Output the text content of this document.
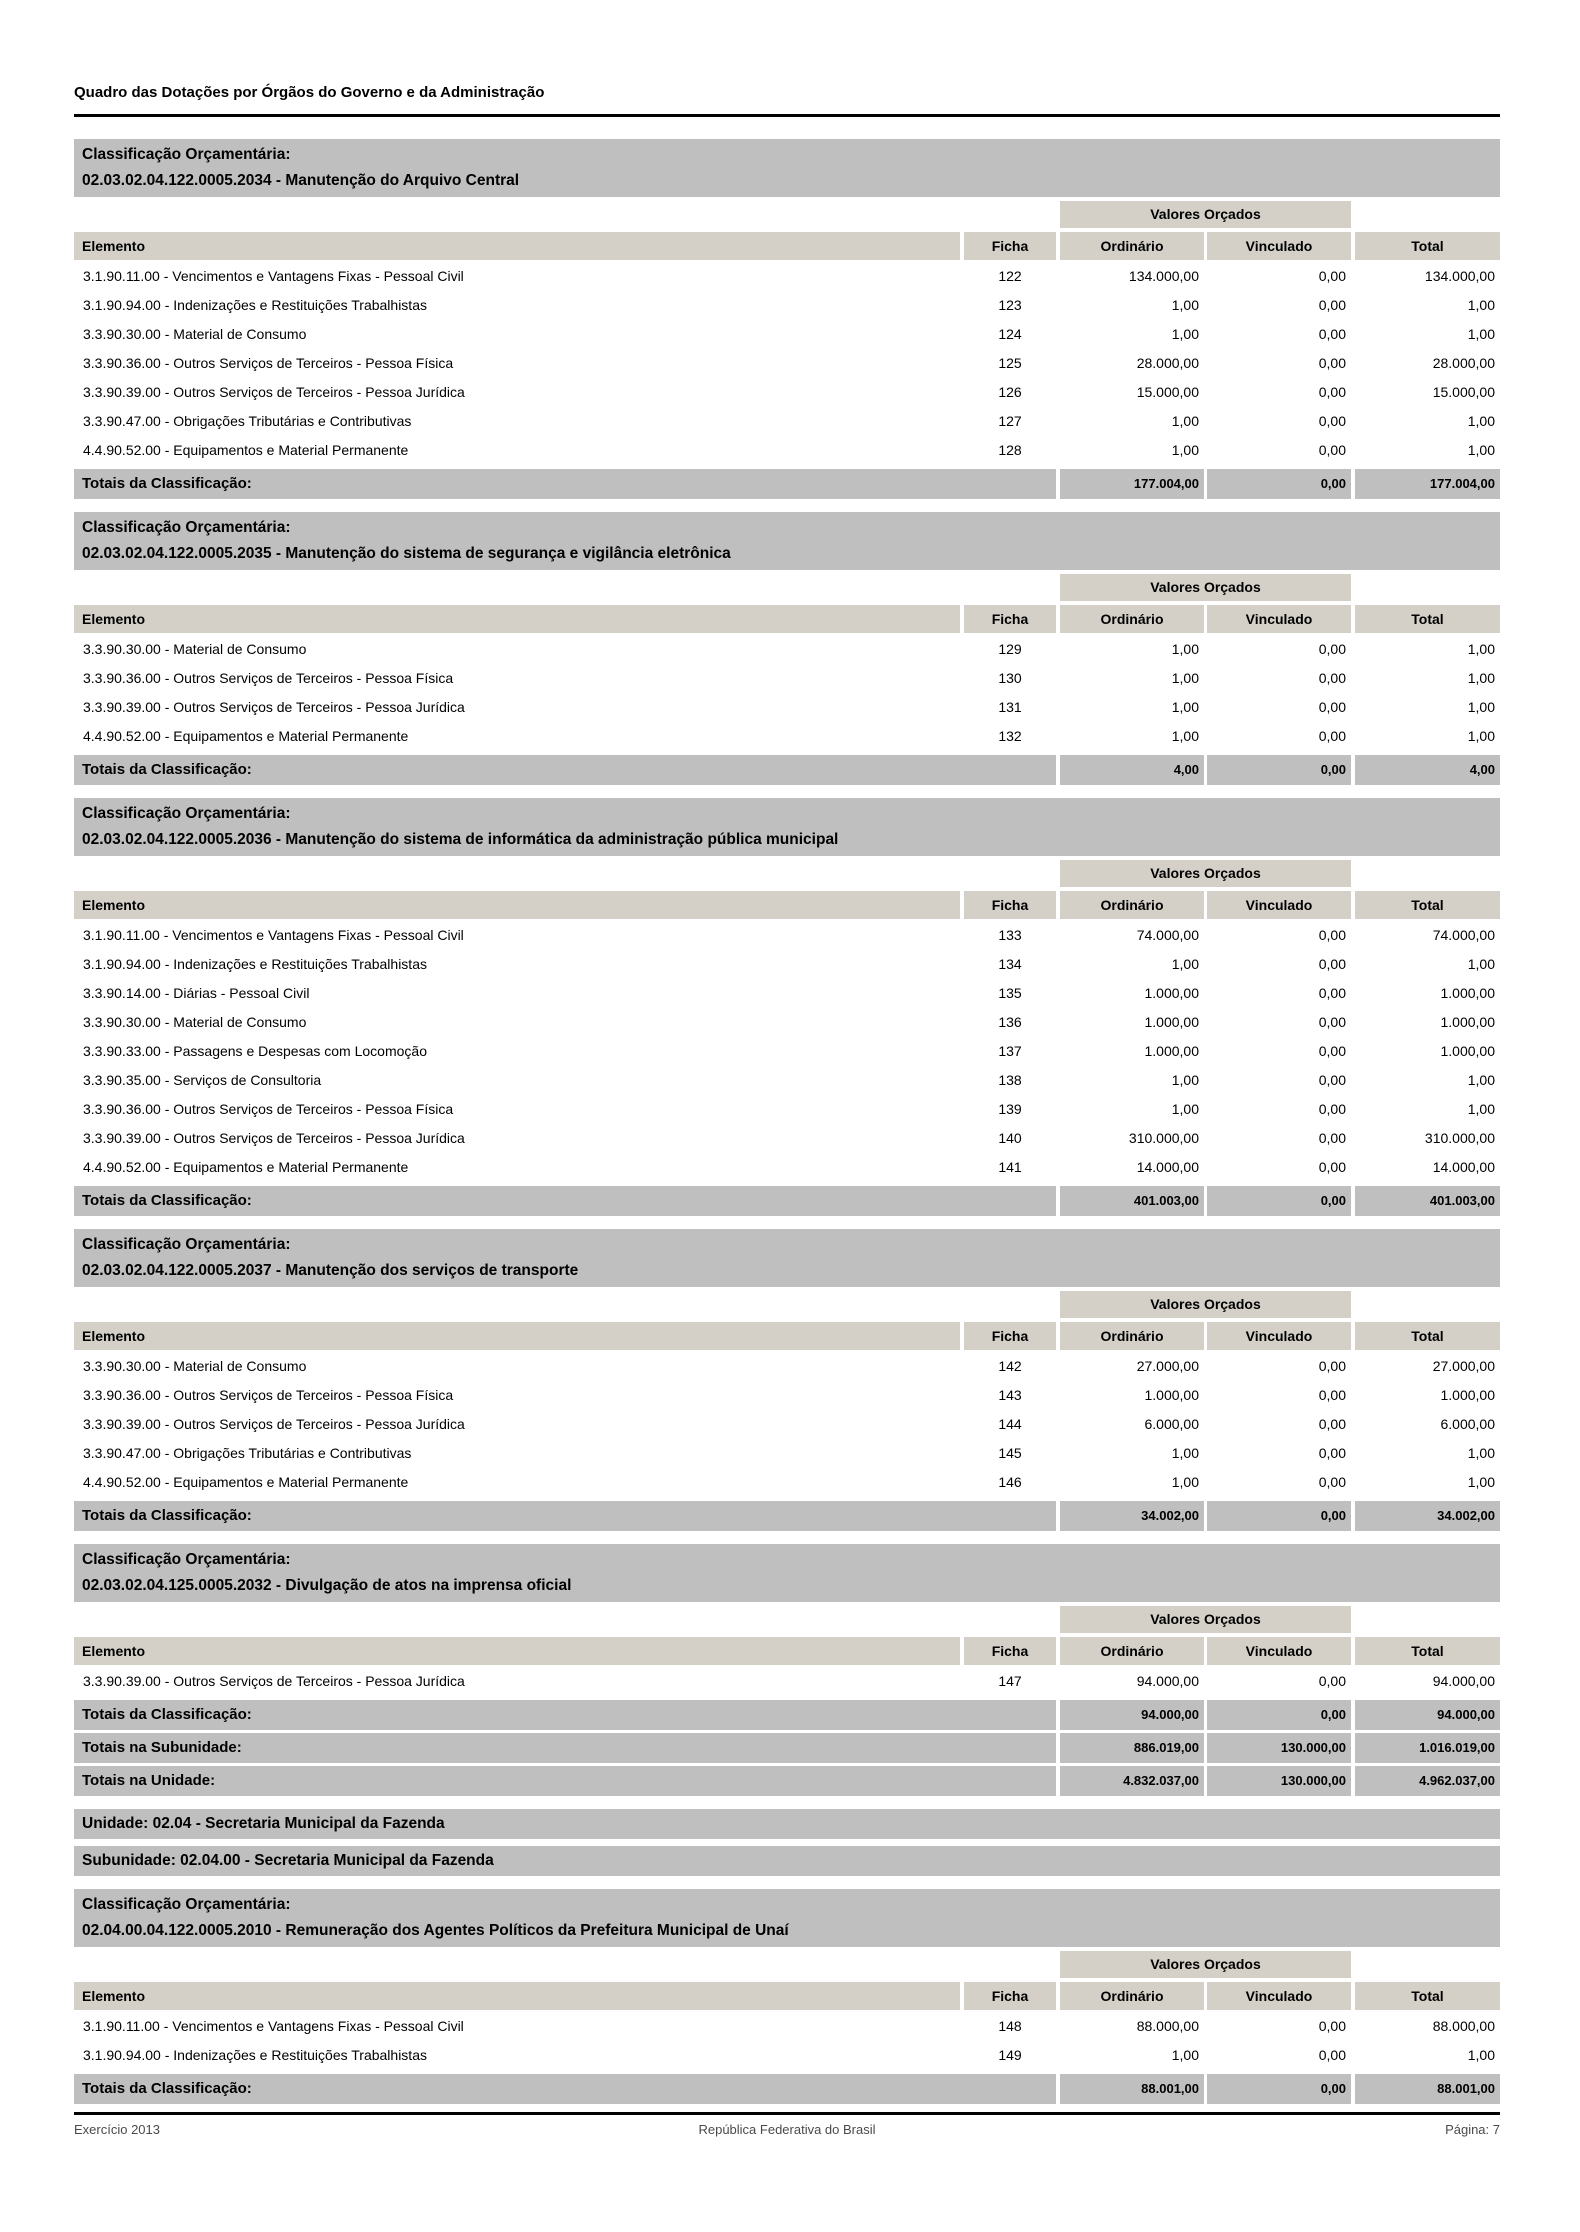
Quadro das Dotações por Órgãos do Governo e da Administração
Classificação Orçamentária:
02.03.02.04.122.0005.2034 - Manutenção do Arquivo Central
Valores Orçados
Elemento	Ficha	Ordinário	Vinculado	Total
3.1.90.11.00 - Vencimentos e Vantagens Fixas - Pessoal Civil	122	134.000,00	0,00	134.000,00
3.1.90.94.00 - Indenizações e Restituições Trabalhistas	123	1,00	0,00	1,00
3.3.90.30.00 - Material de Consumo	124	1,00	0,00	1,00
3.3.90.36.00 - Outros Serviços de Terceiros - Pessoa Física	125	28.000,00	0,00	28.000,00
3.3.90.39.00 - Outros Serviços de Terceiros - Pessoa Jurídica	126	15.000,00	0,00	15.000,00
3.3.90.47.00 - Obrigações Tributárias e Contributivas	127	1,00	0,00	1,00
4.4.90.52.00 - Equipamentos e Material Permanente	128	1,00	0,00	1,00
Totais da Classificação:	177.004,00	0,00	177.004,00
Classificação Orçamentária:
02.03.02.04.122.0005.2035 - Manutenção do sistema de segurança e vigilância eletrônica
Valores Orçados
Elemento	Ficha	Ordinário	Vinculado	Total
3.3.90.30.00 - Material de Consumo	129	1,00	0,00	1,00
3.3.90.36.00 - Outros Serviços de Terceiros - Pessoa Física	130	1,00	0,00	1,00
3.3.90.39.00 - Outros Serviços de Terceiros - Pessoa Jurídica	131	1,00	0,00	1,00
4.4.90.52.00 - Equipamentos e Material Permanente	132	1,00	0,00	1,00
Totais da Classificação:	4,00	0,00	4,00
Classificação Orçamentária:
02.03.02.04.122.0005.2036 - Manutenção do sistema de informática da administração pública municipal
Valores Orçados
Elemento	Ficha	Ordinário	Vinculado	Total
3.1.90.11.00 - Vencimentos e Vantagens Fixas - Pessoal Civil	133	74.000,00	0,00	74.000,00
3.1.90.94.00 - Indenizações e Restituições Trabalhistas	134	1,00	0,00	1,00
3.3.90.14.00 - Diárias - Pessoal Civil	135	1.000,00	0,00	1.000,00
3.3.90.30.00 - Material de Consumo	136	1.000,00	0,00	1.000,00
3.3.90.33.00 - Passagens e Despesas com Locomoção	137	1.000,00	0,00	1.000,00
3.3.90.35.00 - Serviços de Consultoria	138	1,00	0,00	1,00
3.3.90.36.00 - Outros Serviços de Terceiros - Pessoa Física	139	1,00	0,00	1,00
3.3.90.39.00 - Outros Serviços de Terceiros - Pessoa Jurídica	140	310.000,00	0,00	310.000,00
4.4.90.52.00 - Equipamentos e Material Permanente	141	14.000,00	0,00	14.000,00
Totais da Classificação:	401.003,00	0,00	401.003,00
Classificação Orçamentária:
02.03.02.04.122.0005.2037 - Manutenção dos serviços de transporte
Valores Orçados
Elemento	Ficha	Ordinário	Vinculado	Total
3.3.90.30.00 - Material de Consumo	142	27.000,00	0,00	27.000,00
3.3.90.36.00 - Outros Serviços de Terceiros - Pessoa Física	143	1.000,00	0,00	1.000,00
3.3.90.39.00 - Outros Serviços de Terceiros - Pessoa Jurídica	144	6.000,00	0,00	6.000,00
3.3.90.47.00 - Obrigações Tributárias e Contributivas	145	1,00	0,00	1,00
4.4.90.52.00 - Equipamentos e Material Permanente	146	1,00	0,00	1,00
Totais da Classificação:	34.002,00	0,00	34.002,00
Classificação Orçamentária:
02.03.02.04.125.0005.2032 - Divulgação de atos na imprensa oficial
Valores Orçados
Elemento	Ficha	Ordinário	Vinculado	Total
3.3.90.39.00 - Outros Serviços de Terceiros - Pessoa Jurídica	147	94.000,00	0,00	94.000,00
Totais da Classificação:	94.000,00	0,00	94.000,00
Totais na Subunidade:	886.019,00	130.000,00	1.016.019,00
Totais na Unidade:	4.832.037,00	130.000,00	4.962.037,00
Unidade: 02.04 - Secretaria Municipal da Fazenda
Subunidade: 02.04.00 - Secretaria Municipal da Fazenda
Classificação Orçamentária:
02.04.00.04.122.0005.2010 - Remuneração dos Agentes Políticos da Prefeitura Municipal de Unaí
Valores Orçados
Elemento	Ficha	Ordinário	Vinculado	Total
3.1.90.11.00 - Vencimentos e Vantagens Fixas - Pessoal Civil	148	88.000,00	0,00	88.000,00
3.1.90.94.00 - Indenizações e Restituições Trabalhistas	149	1,00	0,00	1,00
Totais da Classificação:	88.001,00	0,00	88.001,00
República Federativa do Brasil
Exercício 2013	Página: 7
